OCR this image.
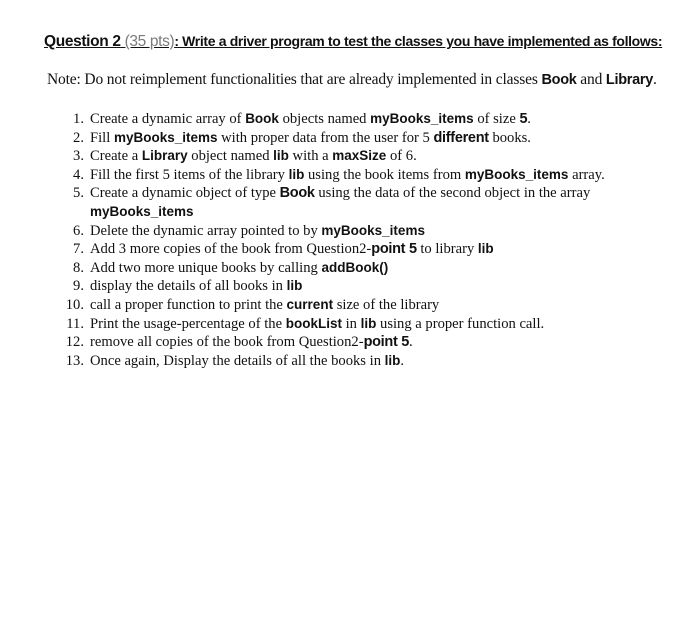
Question 2 (35 pts): Write a driver program to test the classes you have implemented as follows:
Note: Do not reimplement functionalities that are already implemented in classes Book and Library.
1. Create a dynamic array of Book objects named myBooks_items of size 5.
2. Fill myBooks_items with proper data from the user for 5 different books.
3. Create a Library object named lib with a maxSize of 6.
4. Fill the first 5 items of the library lib using the book items from myBooks_items array.
5. Create a dynamic object of type Book using the data of the second object in the array myBooks_items
6. Delete the dynamic array pointed to by myBooks_items
7. Add 3 more copies of the book from Question2-point 5 to library lib
8. Add two more unique books by calling addBook()
9. display the details of all books in lib
10. call a proper function to print the current size of the library
11. Print the usage-percentage of the bookList in lib using a proper function call.
12. remove all copies of the book from Question2-point 5.
13. Once again, Display the details of all the books in lib.
